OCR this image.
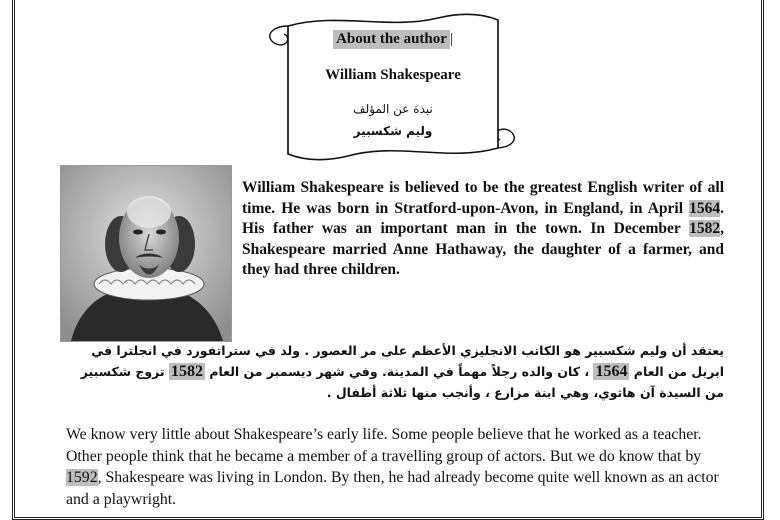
About the author |
William Shakespeare
نبذة عن المؤلف
وليم شكسبير
William Shakespeare is believed to be the greatest English writer of all time. He was born in Stratford-upon-Avon, in England, in April 1564. His father was an important man in the town. In December 1582, Shakespeare married Anne Hathaway, the daughter of a farmer, and they had three children.
يعتقد أن وليم شكسبير هو الكاتب الانجليزي الأعظم على مر العصور . ولد في ستراتفورد في انجلترا في ابريل من العام 1564 ، كان والده رجلاً مهماً في المدينة. وفي شهر ديسمبر من العام 1582 تزوج شكسبير من السيدة آن هاثوي، وهي ابنة مزارع ، وأنجب منها ثلاثة أطفال .
We know very little about Shakespeare’s early life. Some people believe that he worked as a teacher. Other people think that he became a member of a travelling group of actors. But we do know that by 1592, Shakespeare was living in London. By then, he had already become quite well known as an actor and a playwright.
